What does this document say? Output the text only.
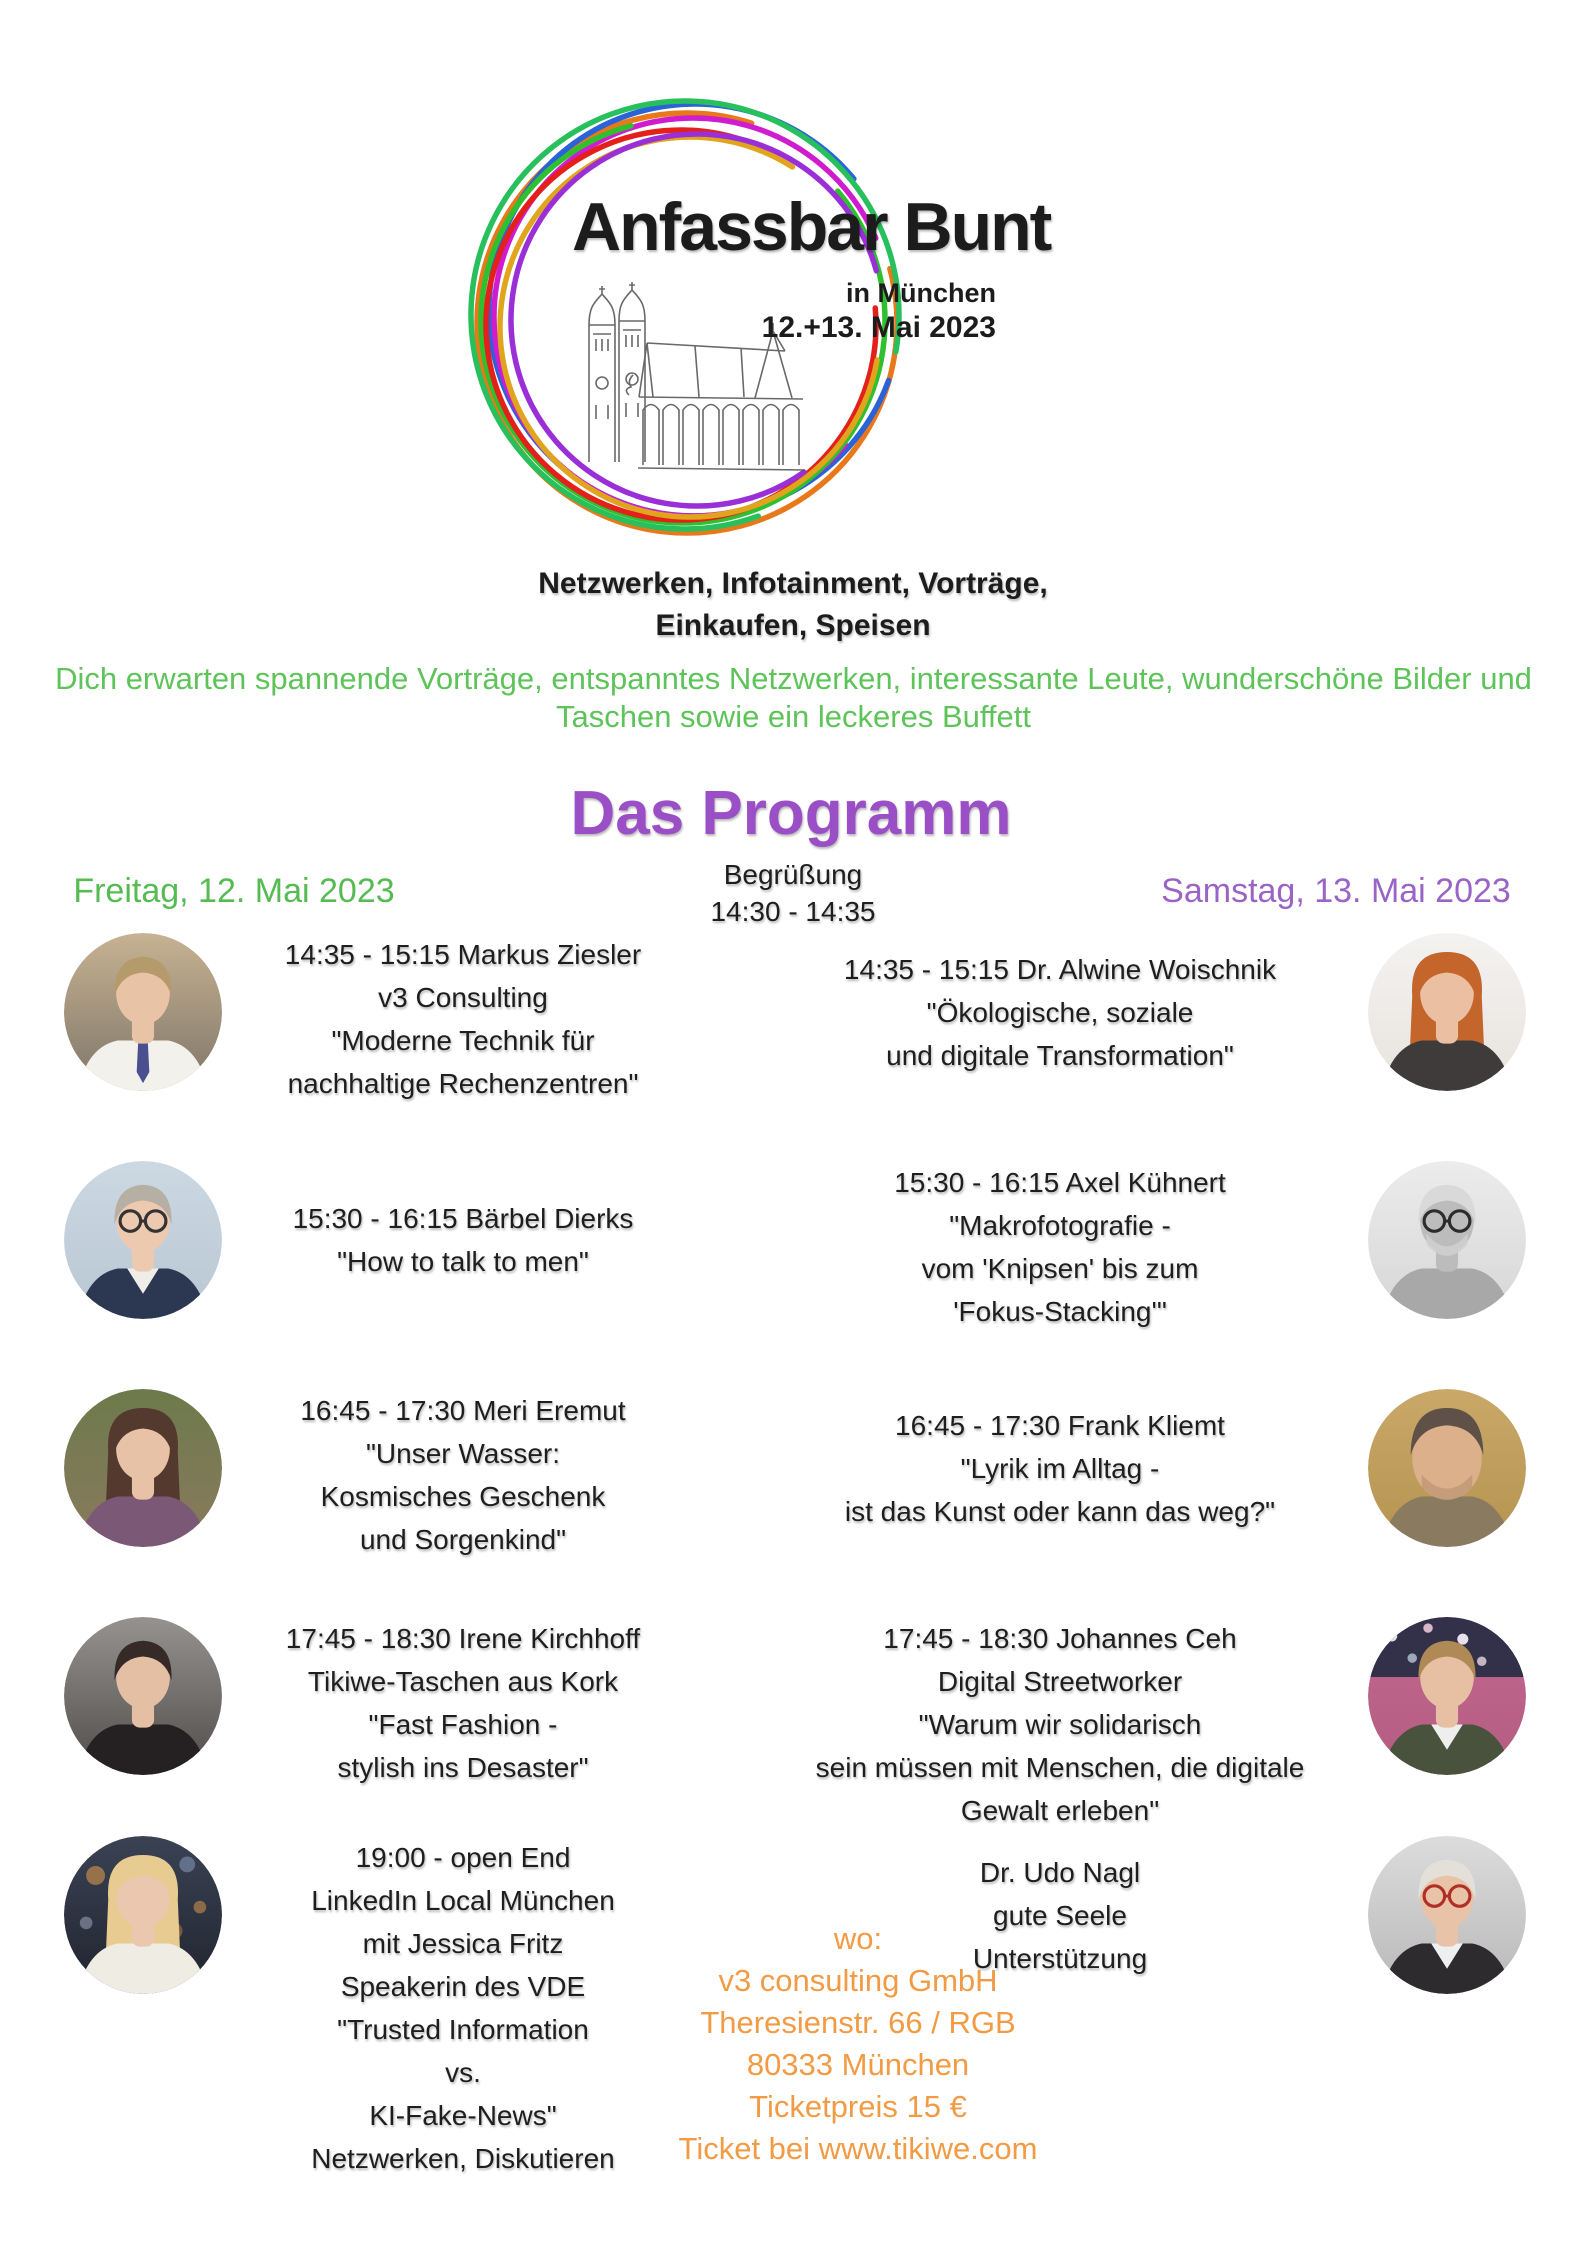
Anfassbar Bunt
in München
12.+13. Mai 2023
Netzwerken, Infotainment, Vorträge,
Einkaufen, Speisen
Dich erwarten spannende Vorträge, entspanntes Netzwerken, interessante Leute, wunderschöne Bilder und
Taschen sowie ein leckeres Buffett
Das Programm
Begrüßung
14:30 - 14:35
Freitag, 12. Mai 2023	Samstag, 13. Mai 2023
14:35 - 15:15 Markus Ziesler
v3 Consulting
"Moderne Technik für
nachhaltige Rechenzentren"
15:30 - 16:15 Bärbel Dierks
"How to talk to men"
16:45 - 17:30 Meri Eremut
"Unser Wasser:
Kosmisches Geschenk
und Sorgenkind"
17:45 - 18:30 Irene Kirchhoff
Tikiwe-Taschen aus Kork
"Fast Fashion -
stylish ins Desaster"
19:00 - open End
LinkedIn Local München
mit Jessica Fritz
Speakerin des VDE
"Trusted Information
vs.
KI-Fake-News"
Netzwerken, Diskutieren
14:35 - 15:15 Dr. Alwine Woischnik
"Ökologische, soziale
und digitale Transformation"
15:30 - 16:15 Axel Kühnert
"Makrofotografie -
vom 'Knipsen' bis zum
'Fokus-Stacking'"
16:45 - 17:30 Frank Kliemt
"Lyrik im Alltag -
ist das Kunst oder kann das weg?"
17:45 - 18:30 Johannes Ceh
Digital Streetworker
"Warum wir solidarisch
sein müssen mit Menschen, die digitale
Gewalt erleben"
Dr. Udo Nagl
gute Seele
Unterstützung
wo:
v3 consulting GmbH
Theresienstr. 66 / RGB
80333 München
Ticketpreis 15 €
Ticket bei www.tikiwe.com
